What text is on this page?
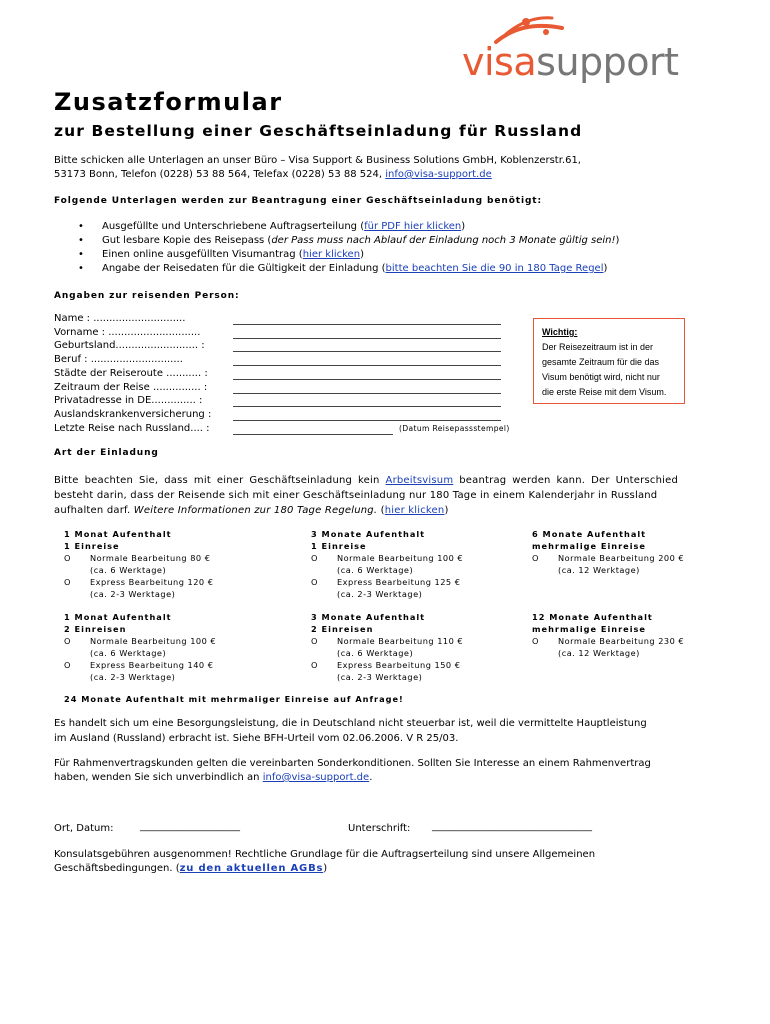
visasupport
Zusatzformular
zur Bestellung einer Geschäftseinladung für Russland
Bitte schicken alle Unterlagen an unser Büro – Visa Support & Business Solutions GmbH, Koblenzerstr.61,
53173 Bonn, Telefon (0228) 53 88 564, Telefax (0228) 53 88 524, info@visa-support.de
Folgende Unterlagen werden zur Beantragung einer Geschäftseinladung benötigt:
• Ausgefüllte und Unterschriebene Auftragserteilung (für PDF hier klicken)
• Gut lesbare Kopie des Reisepass (der Pass muss nach Ablauf der Einladung noch 3 Monate gültig sein!)
• Einen online ausgefüllten Visumantrag (hier klicken)
• Angabe der Reisedaten für die Gültigkeit der Einladung (bitte beachten Sie die 90 in 180 Tage Regel)
Angaben zur reisenden Person:
Name : .............................
Vorname : .............................
Geburtsland.......................... :
Beruf : .............................
Städte der Reiseroute ........... :
Zeitraum der Reise ............... :
Privatadresse in DE.............. :
Auslandskrankenversicherung :
Letzte Reise nach Russland.... :	(Datum Reisepassstempel)
Wichtig:
Der Reisezeitraum ist in der
gesamte Zeitraum für die das
Visum benötigt wird, nicht nur
die erste Reise mit dem Visum.
Art der Einladung
Bitte beachten Sie, dass mit einer Geschäftseinladung kein Arbeitsvisum beantrag werden kann. Der Unterschied
besteht darin, dass der Reisende sich mit einer Geschäftseinladung nur 180 Tage in einem Kalenderjahr in Russland
aufhalten darf. Weitere Informationen zur 180 Tage Regelung. (hier klicken)
1 Monat Aufenthalt
1 Einreise
O	Normale Bearbeitung 80 €
(ca. 6 Werktage)
O	Express Bearbeitung 120 €
(ca. 2-3 Werktage)
3 Monate Aufenthalt
1 Einreise
O	Normale Bearbeitung 100 €
(ca. 6 Werktage)
O	Express Bearbeitung 125 €
(ca. 2-3 Werktage)
6 Monate Aufenthalt
mehrmalige Einreise
O	Normale Bearbeitung 200 €
(ca. 12 Werktage)
1 Monat Aufenthalt
2 Einreisen
O	Normale Bearbeitung 100 €
(ca. 6 Werktage)
O	Express Bearbeitung 140 €
(ca. 2-3 Werktage)
3 Monate Aufenthalt
2 Einreisen
O	Normale Bearbeitung 110 €
(ca. 6 Werktage)
O	Express Bearbeitung 150 €
(ca. 2-3 Werktage)
12 Monate Aufenthalt
mehrmalige Einreise
O	Normale Bearbeitung 230 €
(ca. 12 Werktage)
24 Monate Aufenthalt mit mehrmaliger Einreise auf Anfrage!
Es handelt sich um eine Besorgungsleistung, die in Deutschland nicht steuerbar ist, weil die vermittelte Hauptleistung
im Ausland (Russland) erbracht ist. Siehe BFH-Urteil vom 02.06.2006. V R 25/03.
Für Rahmenvertragskunden gelten die vereinbarten Sonderkonditionen. Sollten Sie Interesse an einem Rahmenvertrag
haben, wenden Sie sich unverbindlich an info@visa-support.de.
Ort, Datum:	____________________	Unterschrift: ________________________________
Konsulatsgebühren ausgenommen! Rechtliche Grundlage für die Auftragserteilung sind unsere Allgemeinen
Geschäftsbedingungen. (zu den aktuellen AGBs)
